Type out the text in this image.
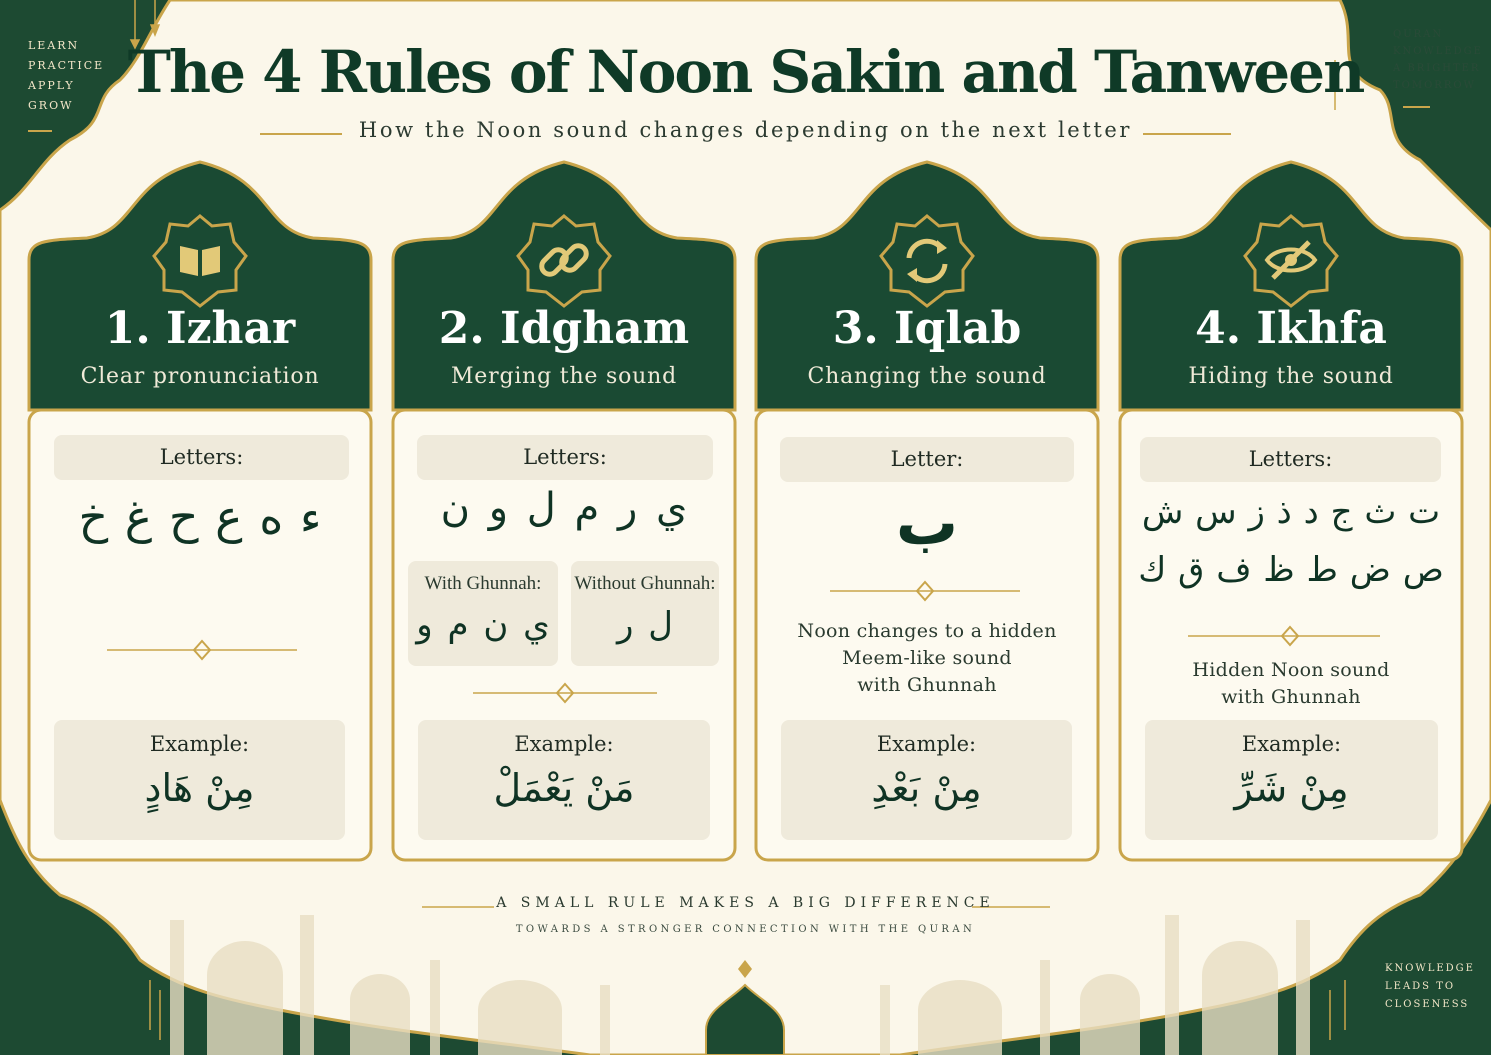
LEARN
PRACTICE
APPLY
GROW
QURAN
KNOWLEDGE
A BRIGHTER
TOMORROW
KNOWLEDGE
LEADS TO
CLOSENESS
The 4 Rules of Noon Sakin and Tanween
How the Noon sound changes depending on the next letter
1. Izhar
Clear pronunciation
Letters:
ء ه ع ح غ خ
Example:
مِنْ هَادٍ
2. Idgham
Merging the sound
Letters:
ي ر م ل و ن
With Ghunnah:
ي ن م و
Without Ghunnah:
ل ر
Example:
مَنْ يَعْمَلْ
3. Iqlab
Changing the sound
Letter:
ب
Noon changes to a hidden
Meem-like sound
with Ghunnah
Example:
مِنْ بَعْدِ
4. Ikhfa
Hiding the sound
Letters:
ت ث ج د ذ ز س ش
ص ض ط ظ ف ق ك
Hidden Noon sound
with Ghunnah
Example:
مِنْ شَرِّ
A SMALL RULE MAKES A BIG DIFFERENCE
TOWARDS A STRONGER CONNECTION WITH THE QURAN
